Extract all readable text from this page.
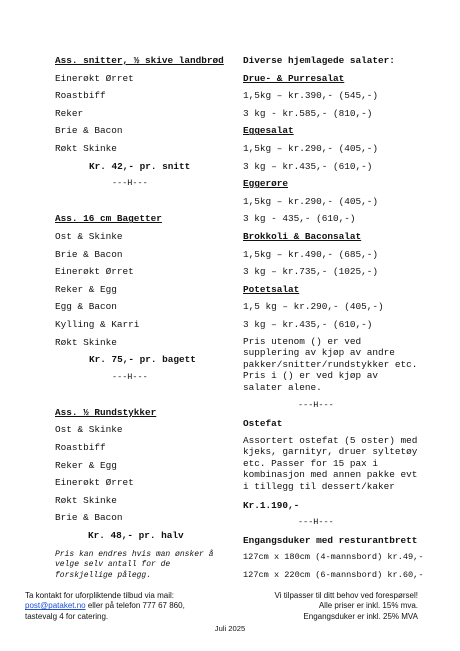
Ass. snitter, ½ skive landbrød

Einerøkt Ørret

Roastbiff

Reker

Brie & Bacon

Røkt Skinke

Kr. 42,- pr. snitt

---H---

Ass. 16 cm Bagetter

Ost & Skinke

Brie & Bacon

Einerøkt Ørret

Reker & Egg

Egg & Bacon

Kylling & Karri

Røkt Skinke

Kr. 75,- pr. bagett

---H---

Ass. ½ Rundstykker

Ost & Skinke

Roastbiff

Reker & Egg

Einerøkt Ørret

Røkt Skinke

Brie & Bacon

Kr. 48,- pr. halv

Pris kan endres hvis man ønsker å velge selv antall for de forskjellige pålegg.

Diverse hjemlagede salater:

Drue- & Purresalat

1,5kg – kr.390,- (545,-)

3 kg - kr.585,- (810,-)

Eggesalat

1,5kg – kr.290,- (405,-)

3 kg – kr.435,- (610,-)

Eggerøre

1,5kg – kr.290,- (405,-)

3 kg - 435,- (610,-)

Brokkoli & Baconsalat

1,5kg – kr.490,- (685,-)

3 kg – kr.735,- (1025,-)

Potetsalat

1,5 kg – kr.290,- (405,-)

3 kg – kr.435,- (610,-)

Pris utenom () er ved supplering av kjøp av andre pakker/snitter/rundstykker etc. Pris i () er ved kjøp av salater alene.

---H---

Ostefat

Assortert ostefat (5 oster) med kjeks, garnityr, druer syltetøy etc. Passer for 15 pax i kombinasjon med annen pakke evt i tillegg til dessert/kaker

Kr.1.190,-

---H---

Engangsduker med resturantbrett

127cm x 180cm (4-mannsbord) kr.49,-

127cm x 220cm (6-mannsbord) kr.60,-

Ta kontakt for uforpliktende tilbud via mail:
post@pataket.no eller på telefon 777 67 860,
tastevalg 4 for catering.
Vi tilpasser til ditt behov ved forespørsel!
Alle priser er inkl. 15% mva.
Engangsduker er inkl. 25% MVA
Juli 2025
